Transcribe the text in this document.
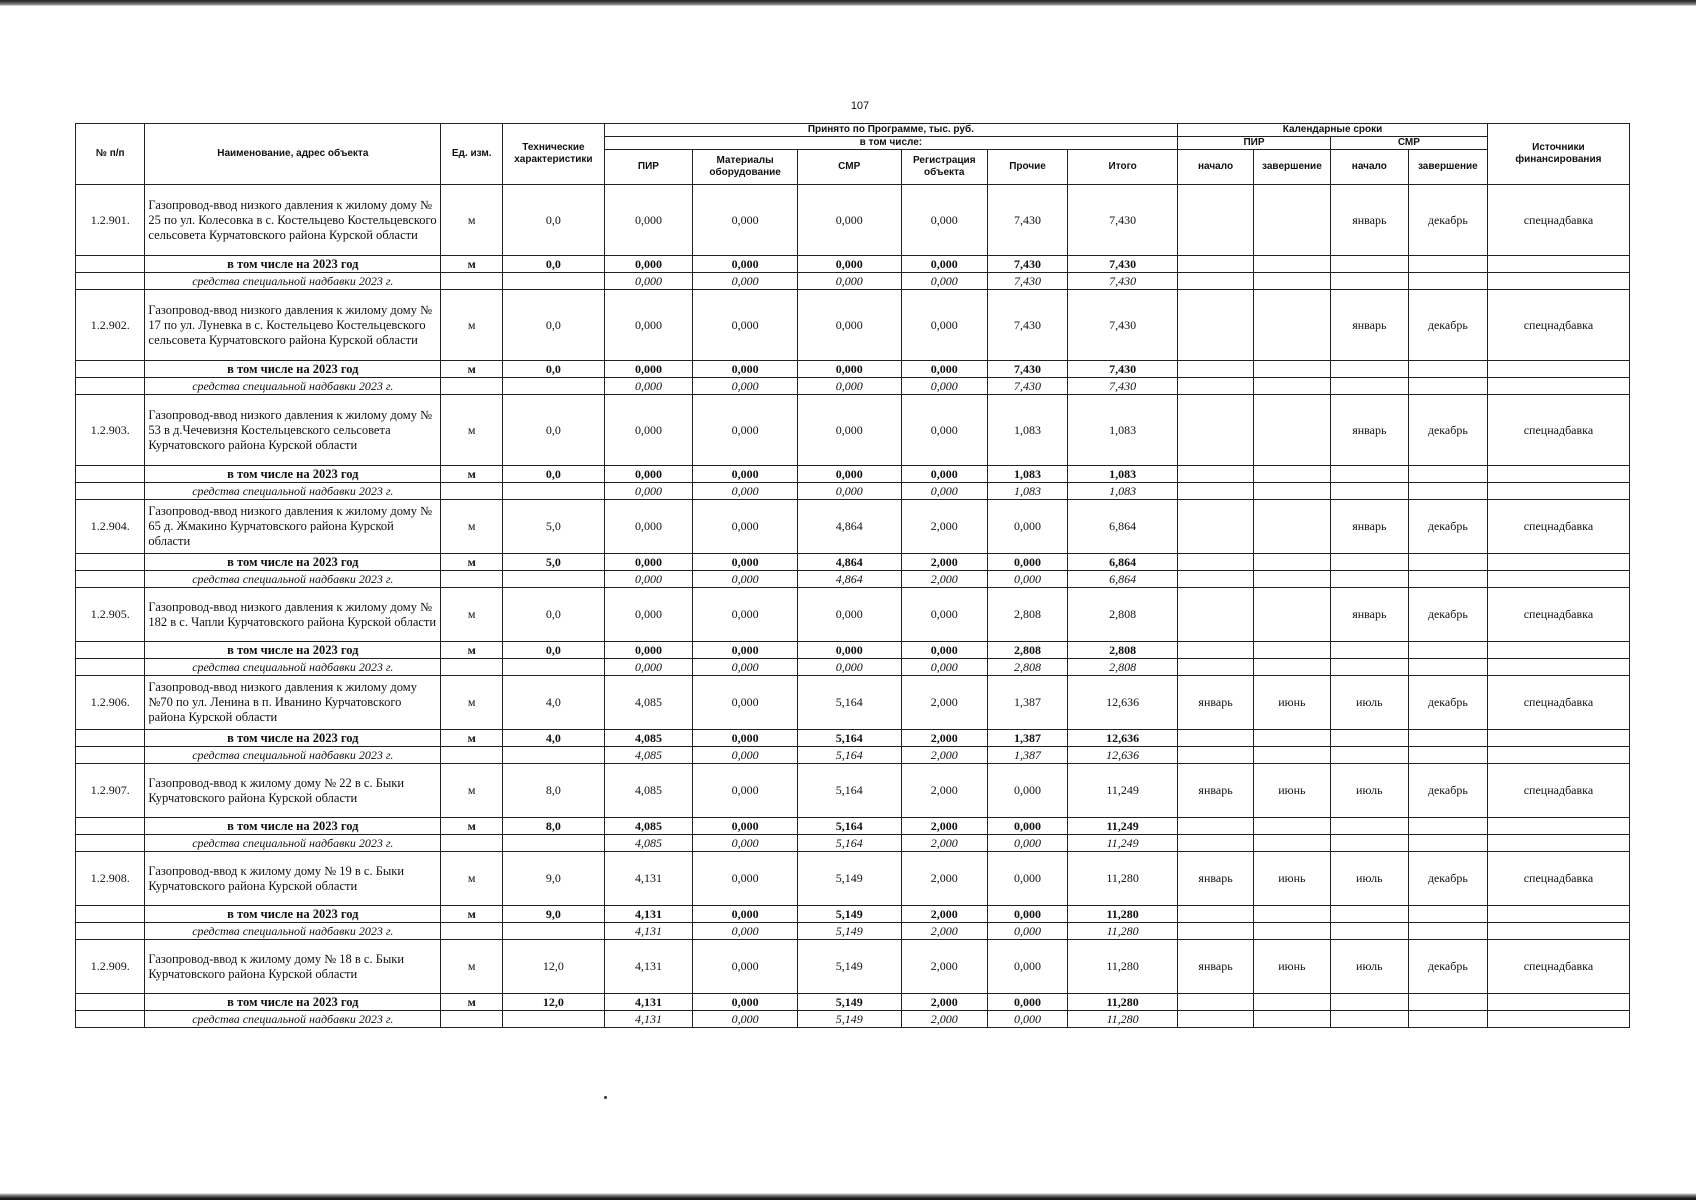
107
№ п/п	Наименование, адрес объекта	Ед. изм.	Технические характеристики	Принято по Программе, тыс. руб.						Календарные сроки				Источники финансирования
				в том числе:						ПИР		СМР		
				ПИР	Материалы оборудование	СМР	Регистрация объекта	Прочие	Итого	начало	завершение	начало	завершение	
1.2.901.	Газопровод-ввод низкого давления к жилому дому № 25 по ул. Колесовка в с. Костельцево Костельцевского сельсовета Курчатовского района Курской области	м	0,0	0,000	0,000	0,000	0,000	7,430	7,430			январь	декабрь	спецнадбавка
	в том числе на 2023 год	м	0,0	0,000	0,000	0,000	0,000	7,430	7,430					
	средства специальной надбавки 2023 г.			0,000	0,000	0,000	0,000	7,430	7,430					
1.2.902.	Газопровод-ввод низкого давления к жилому дому № 17 по ул. Луневка в с. Костельцево Костельцевского сельсовета Курчатовского района Курской области	м	0,0	0,000	0,000	0,000	0,000	7,430	7,430			январь	декабрь	спецнадбавка
	в том числе на 2023 год	м	0,0	0,000	0,000	0,000	0,000	7,430	7,430					
	средства специальной надбавки 2023 г.			0,000	0,000	0,000	0,000	7,430	7,430					
1.2.903.	Газопровод-ввод низкого давления к жилому дому № 53 в д.Чечевизня Костельцевского сельсовета Курчатовского района Курской области	м	0,0	0,000	0,000	0,000	0,000	1,083	1,083			январь	декабрь	спецнадбавка
	в том числе на 2023 год	м	0,0	0,000	0,000	0,000	0,000	1,083	1,083					
	средства специальной надбавки 2023 г.			0,000	0,000	0,000	0,000	1,083	1,083					
1.2.904.	Газопровод-ввод низкого давления к жилому дому № 65 д. Жмакино Курчатовского района Курской области	м	5,0	0,000	0,000	4,864	2,000	0,000	6,864			январь	декабрь	спецнадбавка
	в том числе на 2023 год	м	5,0	0,000	0,000	4,864	2,000	0,000	6,864					
	средства специальной надбавки 2023 г.			0,000	0,000	4,864	2,000	0,000	6,864					
1.2.905.	Газопровод-ввод низкого давления к жилому дому № 182 в с. Чапли Курчатовского района Курской области	м	0,0	0,000	0,000	0,000	0,000	2,808	2,808			январь	декабрь	спецнадбавка
	в том числе на 2023 год	м	0,0	0,000	0,000	0,000	0,000	2,808	2,808					
	средства специальной надбавки 2023 г.			0,000	0,000	0,000	0,000	2,808	2,808					
1.2.906.	Газопровод-ввод низкого давления к жилому дому №70 по ул. Ленина в п. Иванино Курчатовского района Курской области	м	4,0	4,085	0,000	5,164	2,000	1,387	12,636	январь	июнь	июль	декабрь	спецнадбавка
	в том числе на 2023 год	м	4,0	4,085	0,000	5,164	2,000	1,387	12,636					
	средства специальной надбавки 2023 г.			4,085	0,000	5,164	2,000	1,387	12,636					
1.2.907.	Газопровод-ввод к жилому дому № 22 в с. Быки Курчатовского района Курской области	м	8,0	4,085	0,000	5,164	2,000	0,000	11,249	январь	июнь	июль	декабрь	спецнадбавка
	в том числе на 2023 год	м	8,0	4,085	0,000	5,164	2,000	0,000	11,249					
	средства специальной надбавки 2023 г.			4,085	0,000	5,164	2,000	0,000	11,249					
1.2.908.	Газопровод-ввод к жилому дому № 19 в с. Быки Курчатовского района Курской области	м	9,0	4,131	0,000	5,149	2,000	0,000	11,280	январь	июнь	июль	декабрь	спецнадбавка
	в том числе на 2023 год	м	9,0	4,131	0,000	5,149	2,000	0,000	11,280					
	средства специальной надбавки 2023 г.			4,131	0,000	5,149	2,000	0,000	11,280					
1.2.909.	Газопровод-ввод к жилому дому № 18 в с. Быки Курчатовского района Курской области	м	12,0	4,131	0,000	5,149	2,000	0,000	11,280	январь	июнь	июль	декабрь	спецнадбавка
	в том числе на 2023 год	м	12,0	4,131	0,000	5,149	2,000	0,000	11,280					
	средства специальной надбавки 2023 г.			4,131	0,000	5,149	2,000	0,000	11,280					
